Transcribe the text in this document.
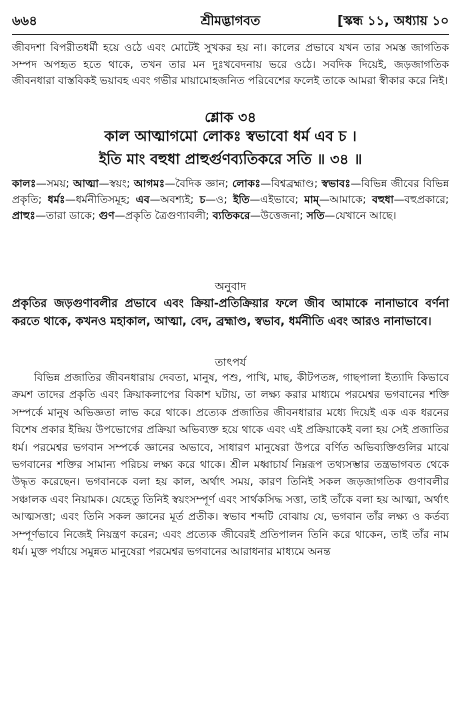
৬৬৪	শ্রীমদ্ভাগবত	[স্কন্ধ ১১, অধ্যায় ১০
জীবদশা বিপরীতধর্মী হয়ে ওঠে এবং মোটেই সুখকর হয় না। কালের প্রভাবে যখন তার সমস্ত জাগতিক সম্পদ অপহৃত হতে থাকে, তখন তার মন দুঃখবেদনায় ভরে ওঠে। সবদিক দিয়েই, জড়জাগতিক জীবনধারা বাস্তবিকই ভয়াবহ এবং গভীর মায়ামোহজনিত পরিবেশের ফলেই তাকে আমরা স্বীকার করে নিই।
শ্লোক ৩৪
কাল আত্মাগমো লোকঃ স্বভাবো ধর্ম এব চ ।
ইতি মাং বহুধা প্রাহুর্গুণব্যতিকরে সতি ॥ ৩৪ ॥
কালঃ—সময়; আত্মা—স্বয়ং; আগমঃ—বৈদিক জ্ঞান; লোকঃ—বিশ্বব্রহ্মাণ্ড; স্বভাবঃ—বিভিন্ন জীবের বিভিন্ন প্রকৃতি; ধর্মঃ—ধর্মনীতিসমূহ; এব—অবশ্যই; চ—ও; ইতি—এইভাবে; মাম্—আমাকে; বহুধা—বহুপ্রকারে; প্রাহুঃ—তারা ডাকে; গুণ—প্রকৃতি ত্রৈগুণ্যাবলী; ব্যতিকরে—উত্তেজনা; সতি—যেখানে আছে।
অনুবাদ
প্রকৃতির জড়গুণাবলীর প্রভাবে এবং ক্রিয়া-প্রতিক্রিয়ার ফলে জীব আমাকে নানাভাবে বর্ণনা করতে থাকে, কখনও মহাকাল, আত্মা, বেদ, ব্রহ্মাণ্ড, স্বভাব, ধর্মনীতি এবং আরও নানাভাবে।
তাৎপর্য
বিভিন্ন প্রজাতির জীবনধারায় দেবতা, মানুষ, পশু, পাখি, মাছ, কীটপতঙ্গ, গাছপালা ইত্যাদি কিভাবে ক্রমশ তাদের প্রকৃতি এবং ক্রিয়াকলাপের বিকাশ ঘটায়, তা লক্ষ্য করার মাধ্যমে পরমেশ্বর ভগবানের শক্তি সম্পর্কে মানুষ অভিজ্ঞতা লাভ করে থাকে। প্রত্যেক প্রজাতির জীবনধারার মধ্যে দিয়েই এক এক ধরনের বিশেষ প্রকার ইন্দ্রিয় উপভোগের প্রক্রিয়া অভিব্যক্ত হয়ে থাকে এবং এই প্রক্রিয়াকেই বলা হয় সেই প্রজাতির ধর্ম। পরমেশ্বর ভগবান সম্পর্কে জ্ঞানের অভাবে, সাধারণ মানুষেরা উপরে বর্ণিত অভিব্যক্তিগুলির মাঝে ভগবানের শক্তির সামান্য পরিচয় লক্ষ্য করে থাকে। শ্রীল মধ্বাচার্য নিম্নরূপ তথ্যসম্ভার তন্ত্রভাগবত থেকে উদ্ধৃত করেছেন। ভগবানকে বলা হয় কাল, অর্থাৎ সময়, কারণ তিনিই সকল জড়জাগতিক গুণাবলীর সঞ্চালক এবং নিয়ামক। যেহেতু তিনিই স্বয়ংসম্পূর্ণ এবং সার্থকসিদ্ধ সত্তা, তাই তাঁকে বলা হয় আত্মা, অর্থাৎ আত্মসত্তা; এবং তিনি সকল জ্ঞানের মূর্ত প্রতীক। স্বভাব শব্দটি বোঝায় যে, ভগবান তাঁর লক্ষ্য ও কর্তব্য সম্পূর্ণভাবে নিজেই নিয়ন্ত্রণ করেন; এবং প্রত্যেক জীবেরই প্রতিপালন তিনি করে থাকেন, তাই তাঁর নাম ধর্ম। মুক্ত পর্যায়ে সমুন্নত মানুষেরা পরমেশ্বর ভগবানের আরাধনার মাধ্যমে অনন্ত
